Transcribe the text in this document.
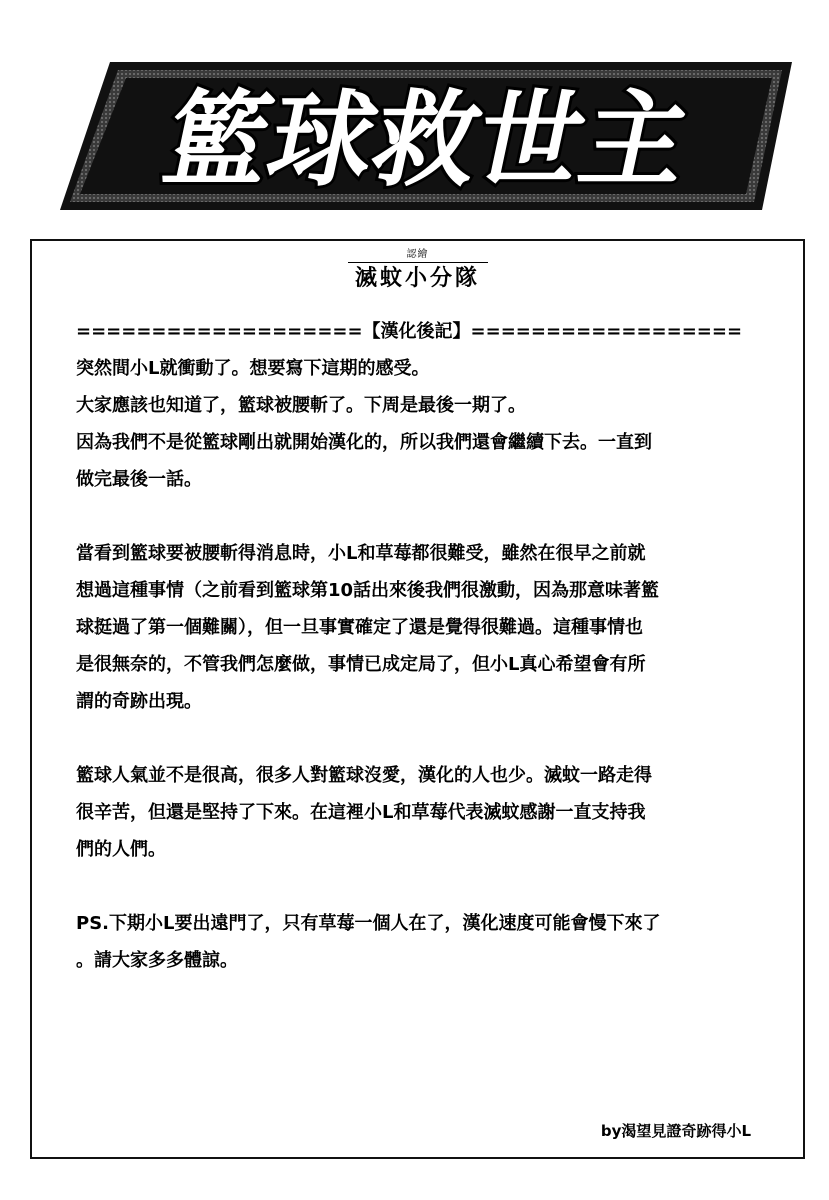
籃球救世主
認繪
滅蚊小分隊
===================【漢化後記】==================
突然間小L就衝動了。想要寫下這期的感受。
大家應該也知道了，籃球被腰斬了。下周是最後一期了。
因為我們不是從籃球剛出就開始漢化的，所以我們還會繼續下去。一直到
做完最後一話。
當看到籃球要被腰斬得消息時，小L和草莓都很難受，雖然在很早之前就
想過這種事情（之前看到籃球第10話出來後我們很激動，因為那意味著籃
球挺過了第一個難關），但一旦事實確定了還是覺得很難過。這種事情也
是很無奈的，不管我們怎麼做，事情已成定局了，但小L真心希望會有所
謂的奇跡出現。
籃球人氣並不是很高，很多人對籃球沒愛，漢化的人也少。滅蚊一路走得
很辛苦，但還是堅持了下來。在這裡小L和草莓代表滅蚊感謝一直支持我
們的人們。
PS.下期小L要出遠門了，只有草莓一個人在了，漢化速度可能會慢下來了
。請大家多多體諒。
by渴望見證奇跡得小L
